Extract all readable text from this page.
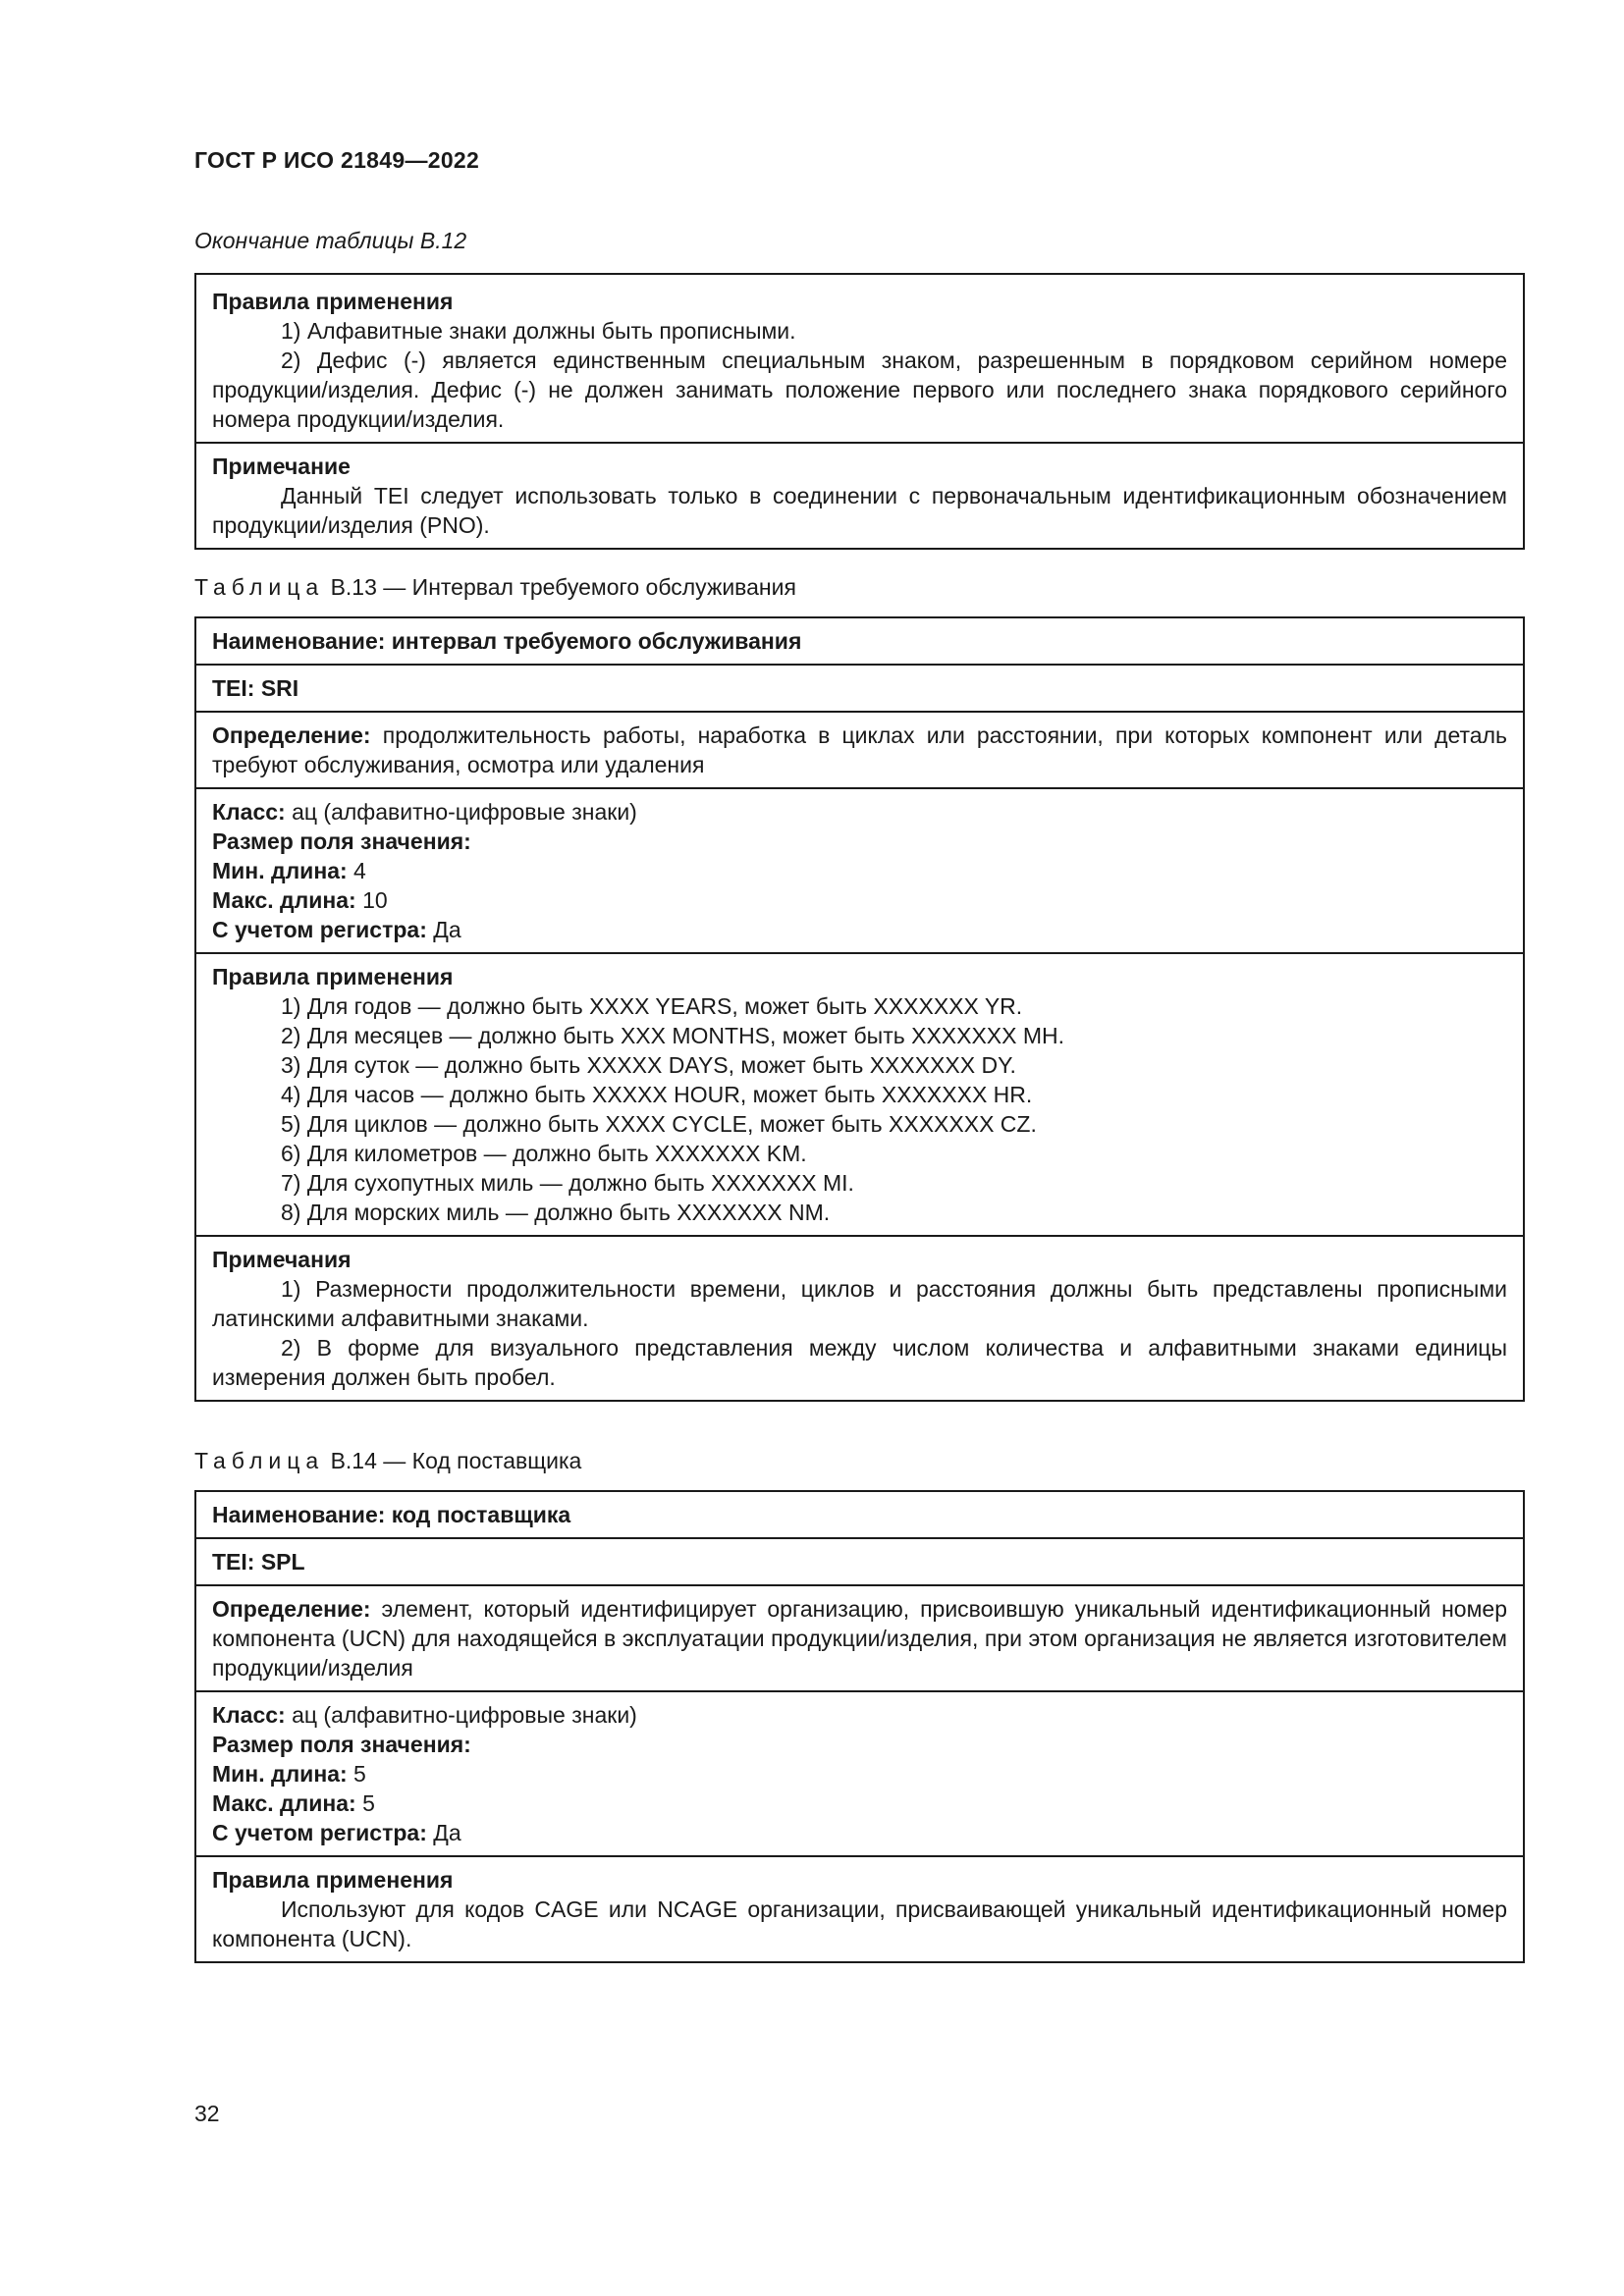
ГОСТ Р ИСО 21849—2022
Окончание таблицы В.12
Правила применения
1) Алфавитные знаки должны быть прописными.
2) Дефис (-) является единственным специальным знаком, разрешенным в порядковом серийном номере продукции/изделия. Дефис (-) не должен занимать положение первого или последнего знака порядкового серийного номера продукции/изделия.
Примечание
Данный TEI следует использовать только в соединении с первоначальным идентификационным обозначением продукции/изделия (PNO).
Таблица В.13 — Интервал требуемого обслуживания
Наименование: интервал требуемого обслуживания
TEI: SRI
Определение: продолжительность работы, наработка в циклах или расстоянии, при которых компонент или деталь требуют обслуживания, осмотра или удаления
Класс: ац (алфавитно-цифровые знаки)
Размер поля значения:
Мин. длина: 4
Макс. длина: 10
С учетом регистра: Да
Правила применения
1) Для годов — должно быть XXXX YEARS, может быть XXXXXXX YR.
2) Для месяцев — должно быть XXX MONTHS, может быть XXXXXXX MH.
3) Для суток — должно быть XXXXX DAYS, может быть XXXXXXX DY.
4) Для часов — должно быть XXXXX HOUR, может быть XXXXXXX HR.
5) Для циклов — должно быть XXXX CYCLE, может быть XXXXXXX CZ.
6) Для километров — должно быть XXXXXXX KM.
7) Для сухопутных миль — должно быть XXXXXXX MI.
8) Для морских миль — должно быть XXXXXXX NM.
Примечания
1) Размерности продолжительности времени, циклов и расстояния должны быть представлены прописными латинскими алфавитными знаками.
2) В форме для визуального представления между числом количества и алфавитными знаками единицы измерения должен быть пробел.
Таблица В.14 — Код поставщика
Наименование: код поставщика
TEI: SPL
Определение: элемент, который идентифицирует организацию, присвоившую уникальный идентификационный номер компонента (UCN) для находящейся в эксплуатации продукции/изделия, при этом организация не является изготовителем продукции/изделия
Класс: ац (алфавитно-цифровые знаки)
Размер поля значения:
Мин. длина: 5
Макс. длина: 5
С учетом регистра: Да
Правила применения
Используют для кодов CAGE или NCAGE организации, присваивающей уникальный идентификационный номер компонента (UCN).
32
